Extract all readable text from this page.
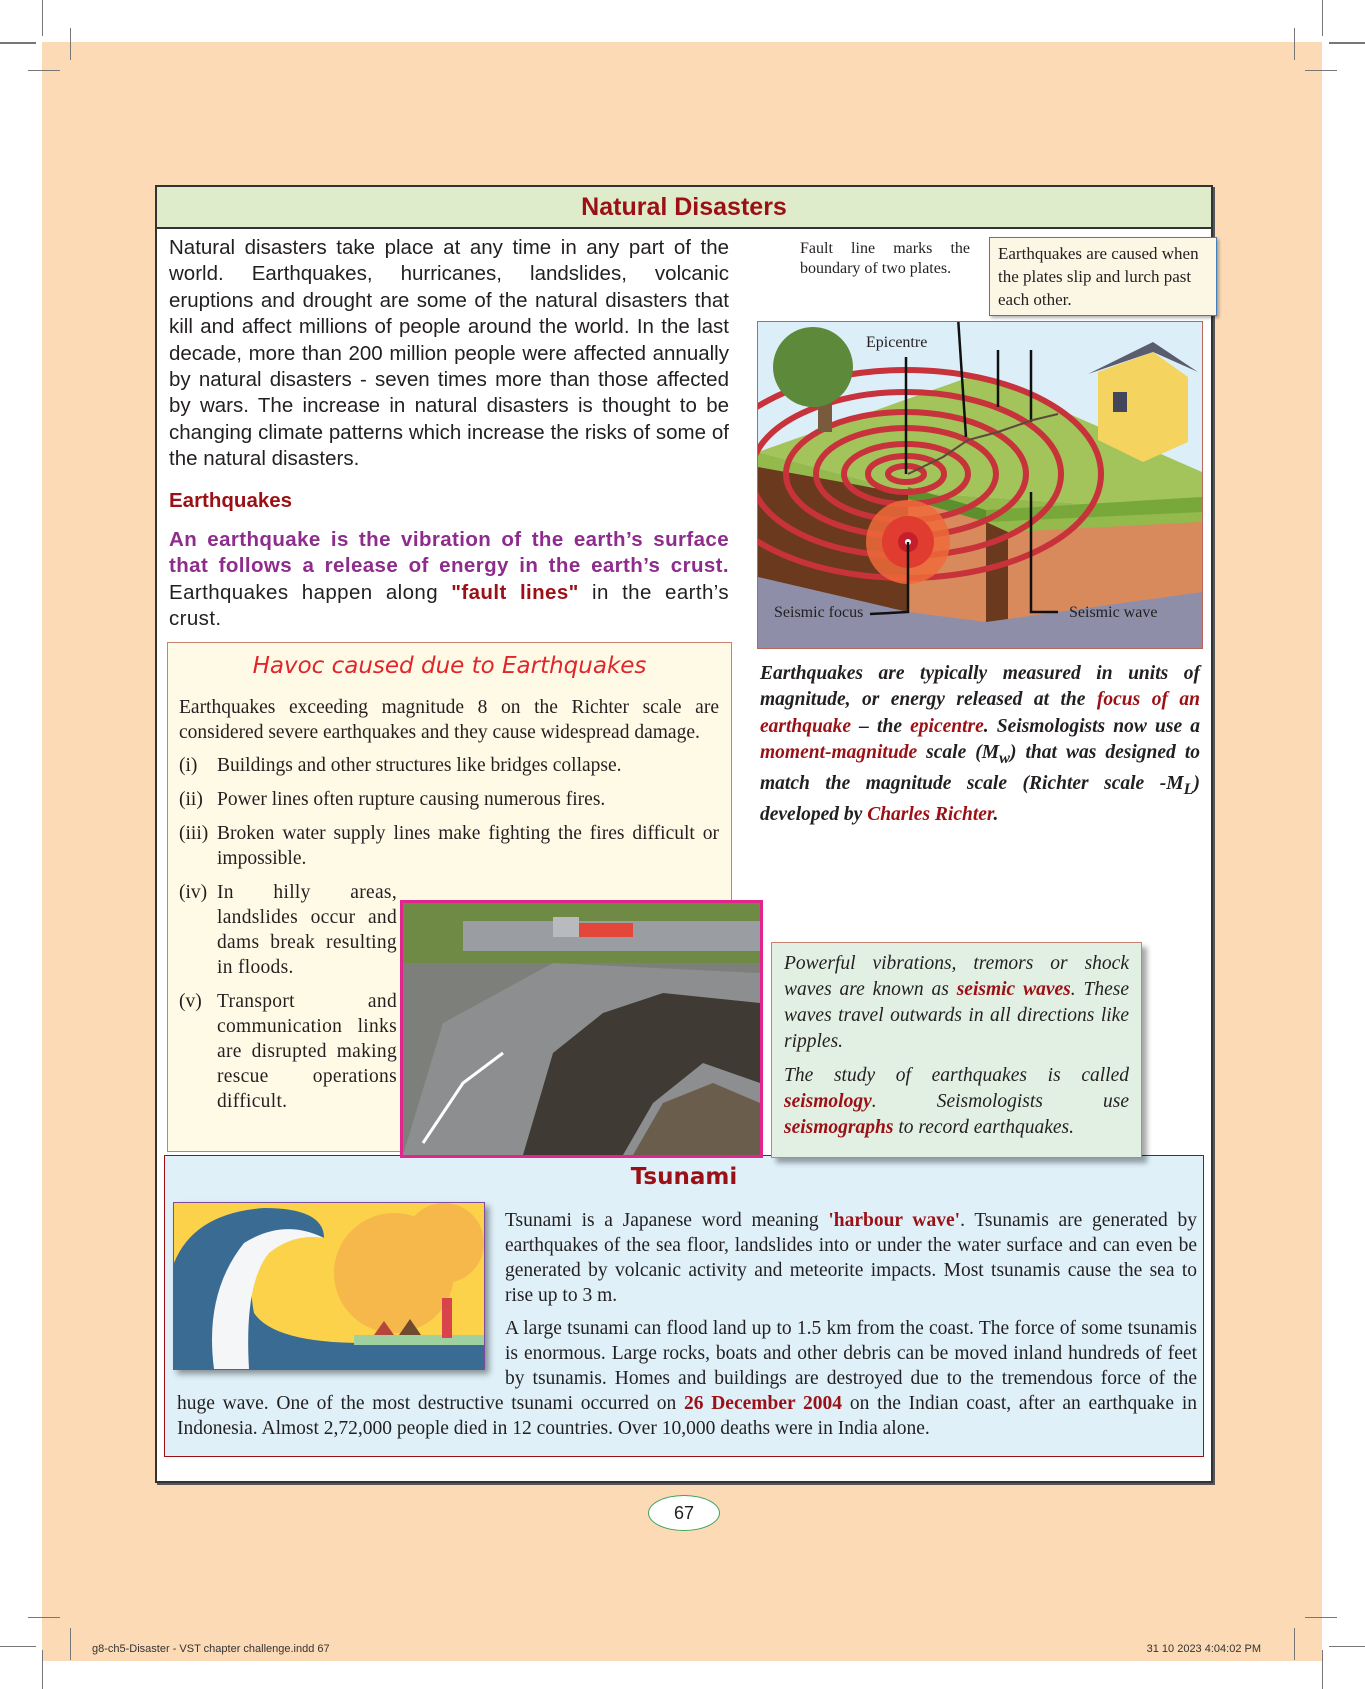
Natural Disasters
Natural disasters take place at any time in any part of the world. Earthquakes, hurricanes, landslides, volcanic eruptions and drought are some of the natural disasters that kill and affect millions of people around the world. In the last decade, more than 200 million people were affected annually by natural disasters - seven times more than those affected by wars. The increase in natural disasters is thought to be changing climate patterns which increase the risks of some of the natural disasters.
Earthquakes
An earthquake is the vibration of the earth’s surface that follows a release of energy in the earth’s crust. Earthquakes happen along "fault lines" in the earth’s crust.
Fault line marks the boundary of two plates.
Earthquakes are caused when the plates slip and lurch past each other.
Epicentre
Seismic focus	Seismic wave
Earthquakes are typically measured in units of magnitude, or energy released at the focus of an earthquake – the epicentre. Seismologists now use a moment-magnitude scale $(M_w)$ that was designed to match the magnitude scale (Richter scale $-M_L$) developed by Charles Richter.
Havoc caused due to Earthquakes

Earthquakes exceeding magnitude 8 on the Richter scale are considered severe earthquakes and they cause widespread damage.

(i) Buildings and other structures like bridges collapse.
(ii) Power lines often rupture causing numerous fires.
(iii) Broken water supply lines make fighting the fires difficult or impossible.
(iv) In hilly areas, landslides occur and dams break resulting in floods.
(v) Transport and communication links are disrupted making rescue operations difficult.

Powerful vibrations, tremors or shock waves are known as seismic waves. These waves travel outwards in all directions like ripples.

The study of earthquakes is called seismology. Seismologists use seismographs to record earthquakes.

Tsunami

Tsunami is a Japanese word meaning 'harbour wave'. Tsunamis are generated by earthquakes of the sea floor, landslides into or under the water surface and can even be generated by volcanic activity and meteorite impacts. Most tsunamis cause the sea to rise up to 3 m.

A large tsunami can flood land up to 1.5 km from the coast. The force of some tsunamis is enormous. Large rocks, boats and other debris can be moved inland hundreds of feet by tsunamis. Homes and buildings are destroyed due to the tremendous force of the huge wave. One of the most destructive tsunami occurred on 26 December 2004 on the Indian coast, after an earthquake in Indonesia. Almost 2,72,000 people died in 12 countries. Over 10,000 deaths were in India alone.

67
g8-ch5-Disaster - VST chapter challenge.indd 67	31 10 2023 4:04:02 PM
